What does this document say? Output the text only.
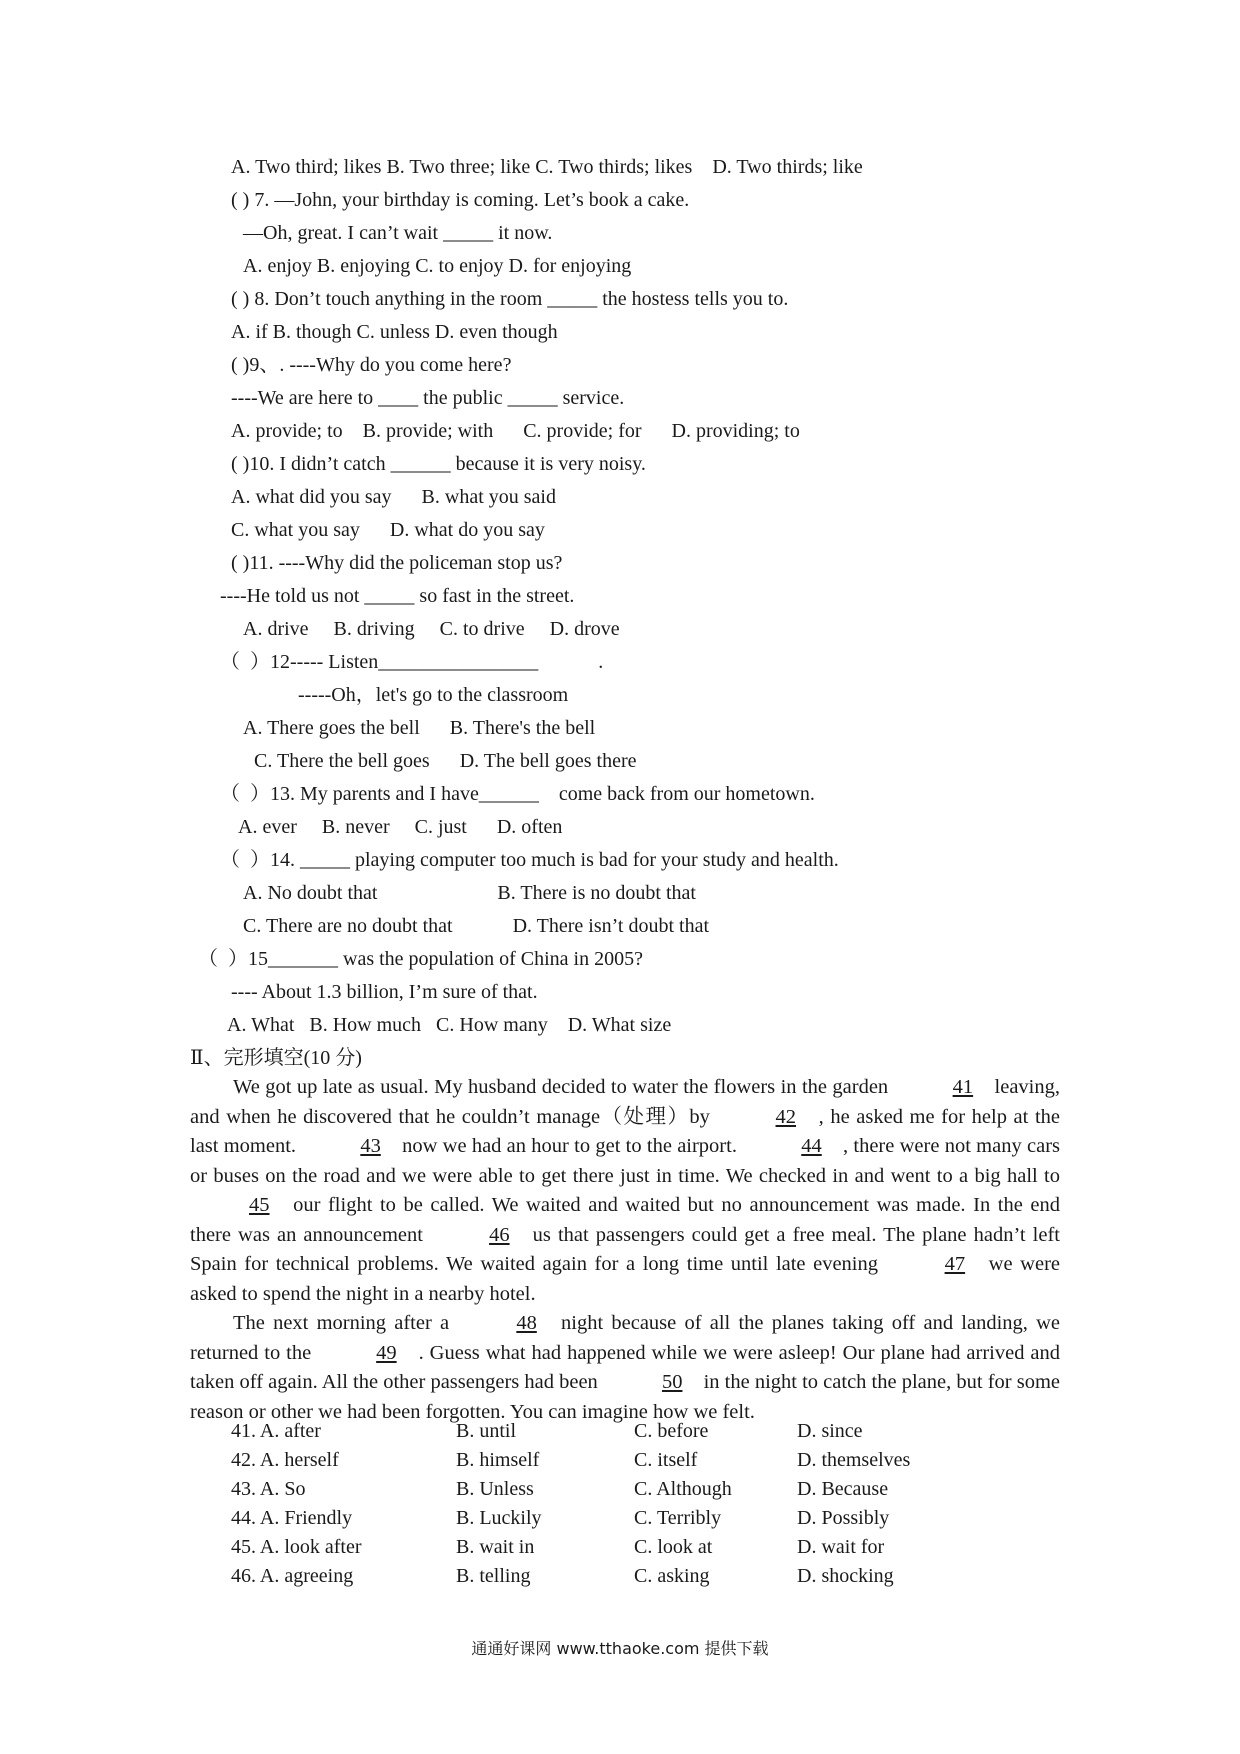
A. Two third; likes B. Two three; like C. Two thirds; likes    D. Two thirds; like
( ) 7. —John, your birthday is coming. Let’s book a cake.
—Oh, great. I can’t wait _____ it now.
A. enjoy B. enjoying C. to enjoy D. for enjoying
( ) 8. Don’t touch anything in the room _____ the hostess tells you to.
A. if B. though C. unless D. even though
( )9、. ----Why do you come here?
----We are here to ____ the public _____ service.
A. provide; to    B. provide; with      C. provide; for      D. providing; to
( )10. I didn’t catch ______ because it is very noisy.
A. what did you say      B. what you said
C. what you say      D. what do you say
( )11. ----Why did the policeman stop us?
----He told us not _____ so fast in the street.
A. drive     B. driving     C. to drive     D. drove
（  ）12----- Listen________________            .
-----Oh，let's go to the classroom
A. There goes the bell      B. There's the bell
C. There the bell goes      D. The bell goes there
（  ）13. My parents and I have______    come back from our hometown.
A. ever     B. never     C. just      D. often
（  ）14. _____ playing computer too much is bad for your study and health.
A. No doubt that                        B. There is no doubt that
C. There are no doubt that            D. There isn’t doubt that
（  ）15_______ was the population of China in 2005?
---- About 1.3 billion, I’m sure of that.
A. What   B. How much   C. How many    D. What size
Ⅱ、完形填空(10 分)

We got up late as usual. My husband decided to water the flowers in the garden	41 leaving, and when he discovered that he couldn’t manage（处理）by	42 , he asked me for help at the last moment.	43 now we had an hour to get to the airport.	44 , there were not many cars or buses on the road and we were able to get there just in time. We checked in and went to a big hall to 45 our flight to be called. We waited and waited but no announcement was made. In the end there was an announcement	46 us that passengers could get a free meal. The plane hadn’t left Spain for technical problems. We waited again for a long time until late evening	47 we were asked to spend the night in a nearby hotel.

The next morning after a	48 night because of all the planes taking off and landing, we returned to the	49 . Guess what had happened while we were asleep! Our plane had arrived and taken off again. All the other passengers had been	50 in the night to catch the plane, but for some reason or other we had been forgotten. You can imagine how we felt.

41. A. after	B. until	C. before	D. since
42. A. herself	B. himself	C. itself	D. themselves
43. A. So	B. Unless	C. Although	D. Because
44. A. Friendly	B. Luckily	C. Terribly	D. Possibly
45. A. look after	B. wait in	C. look at	D. wait for
46. A. agreeing	B. telling	C. asking	D. shocking
通通好课网 www.tthaoke.com 提供下载
